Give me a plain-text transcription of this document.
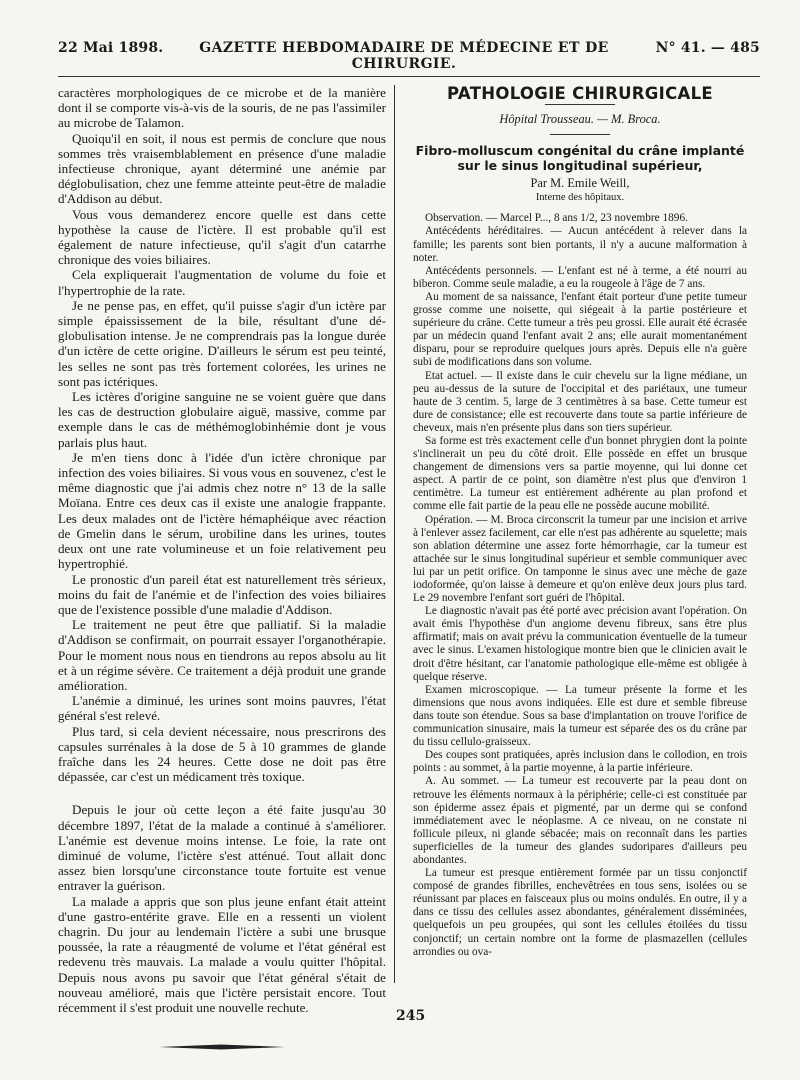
22 Mai 1898.	GAZETTE HEBDOMADAIRE DE MÉDECINE ET DE CHIRURGIE.
N° 41. — 485

caractères morphologiques de ce microbe et de la manière dont il se comporte vis-à-vis de la souris, de ne pas l'assimiler au microbe de Talamon.

Quoiqu'il en soit, il nous est permis de conclure que nous sommes très vraisemblablement en présence d'une maladie infectieuse chronique, ayant déterminé une anémie par déglobulisation, chez une femme atteinte peut-être de maladie d'Addison au début.

Vous vous demanderez encore quelle est dans cette hypothèse la cause de l'ictère. Il est probable qu'il est également de nature infectieuse, qu'il s'agit d'un catarrhe chronique des voies biliaires.

Cela expliquerait l'augmentation de volume du foie et l'hypertrophie de la rate.

Je ne pense pas, en effet, qu'il puisse s'agir d'un ictère par simple épaississement de la bile, résultant d'une déglobulisation intense. Je ne comprendrais pas la longue durée d'un ictère de cette origine. D'ailleurs le sérum est peu teinté, les selles ne sont pas très fortement colorées, les urines ne sont pas ictériques.

Les ictères d'origine sanguine ne se voient guère que dans les cas de destruction globulaire aiguë, massive, comme par exemple dans le cas de méthémoglobinhémie dont je vous parlais plus haut.

Je m'en tiens donc à l'idée d'un ictère chronique par infection des voies biliaires. Si vous vous en souvenez, c'est le même diagnostic que j'ai admis chez notre n° 13 de la salle Moïana. Entre ces deux cas il existe une analogie frappante. Les deux malades ont de l'ictère hémaphéique avec réaction de Gmelin dans le sérum, urobiline dans les urines, toutes deux ont une rate volumineuse et un foie relativement peu hypertrophié.

Le pronostic d'un pareil état est naturellement très sérieux, moins du fait de l'anémie et de l'infection des voies biliaires que de l'existence possible d'une maladie d'Addison.

Le traitement ne peut être que palliatif. Si la maladie d'Addison se confirmait, on pourrait essayer l'organothérapie. Pour le moment nous nous en tiendrons au repos absolu au lit et à un régime sévère. Ce traitement a déjà produit une grande amélioration.

L'anémie a diminué, les urines sont moins pauvres, l'état général s'est relevé.

Plus tard, si cela devient nécessaire, nous prescrirons des capsules surrénales à la dose de 5 à 10 grammes de glande fraîche dans les 24 heures. Cette dose ne doit pas être dépassée, car c'est un médicament très toxique.

Depuis le jour où cette leçon a été faite jusqu'au 30 décembre 1897, l'état de la malade a continué à s'améliorer. L'anémie est devenue moins intense. Le foie, la rate ont diminué de volume, l'ictère s'est atténué. Tout allait donc assez bien lorsqu'une circonstance toute fortuite est venue entraver la guérison.

La malade a appris que son plus jeune enfant était atteint d'une gastro-entérite grave. Elle en a ressenti un violent chagrin. Du jour au lendemain l'ictère a subi une brusque poussée, la rate a réaugmenté de volume et l'état général est redevenu très mauvais. La malade a voulu quitter l'hôpital. Depuis nous avons pu savoir que l'état général s'était de nouveau amélioré, mais que l'ictère persistait encore. Tout récemment il s'est produit une nouvelle rechute.

PATHOLOGIE CHIRURGICALE
Hôpital Trousseau. — M. Broca.
Fibro-molluscum congénital du crâne implanté sur le sinus longitudinal supérieur,
Par M. Emile Weill,
Interne des hôpitaux.

Observation. — Marcel P..., 8 ans 1/2, 23 novembre 1896.

Antécédents héréditaires. — Aucun antécédent à relever dans la famille; les parents sont bien portants, il n'y a aucune malformation à noter.

Antécédents personnels. — L'enfant est né à terme, a été nourri au biberon. Comme seule maladie, a eu la rougeole à l'âge de 7 ans.

Au moment de sa naissance, l'enfant était porteur d'une petite tumeur grosse comme une noisette, qui siégeait à la partie postérieure et supérieure du crâne. Cette tumeur a très peu grossi. Elle aurait été écrasée par un médecin quand l'enfant avait 2 ans; elle aurait momentanément disparu, pour se reproduire quelques jours après. Depuis elle n'a guère subi de modifications dans son volume.

Etat actuel. — Il existe dans le cuir chevelu sur la ligne médiane, un peu au-dessus de la suture de l'occipital et des pariétaux, une tumeur haute de 3 centim. 5, large de 3 centimètres à sa base. Cette tumeur est dure de consistance; elle est recouverte dans toute sa partie inférieure de cheveux, mais n'en présente plus dans son tiers supérieur.

Sa forme est très exactement celle d'un bonnet phrygien dont la pointe s'inclinerait un peu du côté droit. Elle possède en effet un brusque changement de dimensions vers sa partie moyenne, qui lui donne cet aspect. A partir de ce point, son diamètre n'est plus que d'environ 1 centimètre. La tumeur est entièrement adhérente au plan profond et comme elle fait partie de la peau elle ne possède aucune mobilité.

Opération. — M. Broca circonscrit la tumeur par une incision et arrive à l'enlever assez facilement, car elle n'est pas adhérente au squelette; mais son ablation détermine une assez forte hémorrhagie, car la tumeur est attachée sur le sinus longitudinal supérieur et semble communiquer avec lui par un petit orifice. On tamponne le sinus avec une mèche de gaze iodoformée, qu'on laisse à demeure et qu'on enlève deux jours plus tard. Le 29 novembre l'enfant sort guéri de l'hôpital.

Le diagnostic n'avait pas été porté avec précision avant l'opération. On avait émis l'hypothèse d'un angiome devenu fibreux, sans être plus affirmatif; mais on avait prévu la communication éventuelle de la tumeur avec le sinus. L'examen histologique montre bien que le clinicien avait le droit d'être hésitant, car l'anatomie pathologique elle-même est obligée à quelque réserve.

Examen microscopique. — La tumeur présente la forme et les dimensions que nous avons indiquées. Elle est dure et semble fibreuse dans toute son étendue. Sous sa base d'implantation on trouve l'orifice de communication sinusaire, mais la tumeur est séparée des os du crâne par du tissu cellulo-graisseux.

Des coupes sont pratiquées, après inclusion dans le collodion, en trois points : au sommet, à la partie moyenne, à la partie inférieure.

A. Au sommet. — La tumeur est recouverte par la peau dont on retrouve les éléments normaux à la périphérie; celle-ci est constituée par son épiderme assez épais et pigmenté, par un derme qui se confond immédiatement avec le néoplasme. A ce niveau, on ne constate ni follicule pileux, ni glande sébacée; mais on reconnaît dans les parties superficielles de la tumeur des glandes sudoripares d'ailleurs peu abondantes.

La tumeur est presque entièrement formée par un tissu conjonctif composé de grandes fibrilles, enchevêtrées en tous sens, isolées ou se réunissant par places en faisceaux plus ou moins ondulés. En outre, il y a dans ce tissu des cellules assez abondantes, généralement disséminées, quelquefois un peu groupées, qui sont les cellules étoilées du tissu conjonctif; un certain nombre ont la forme de plasmazellen (cellules arrondies ou ova-

245
